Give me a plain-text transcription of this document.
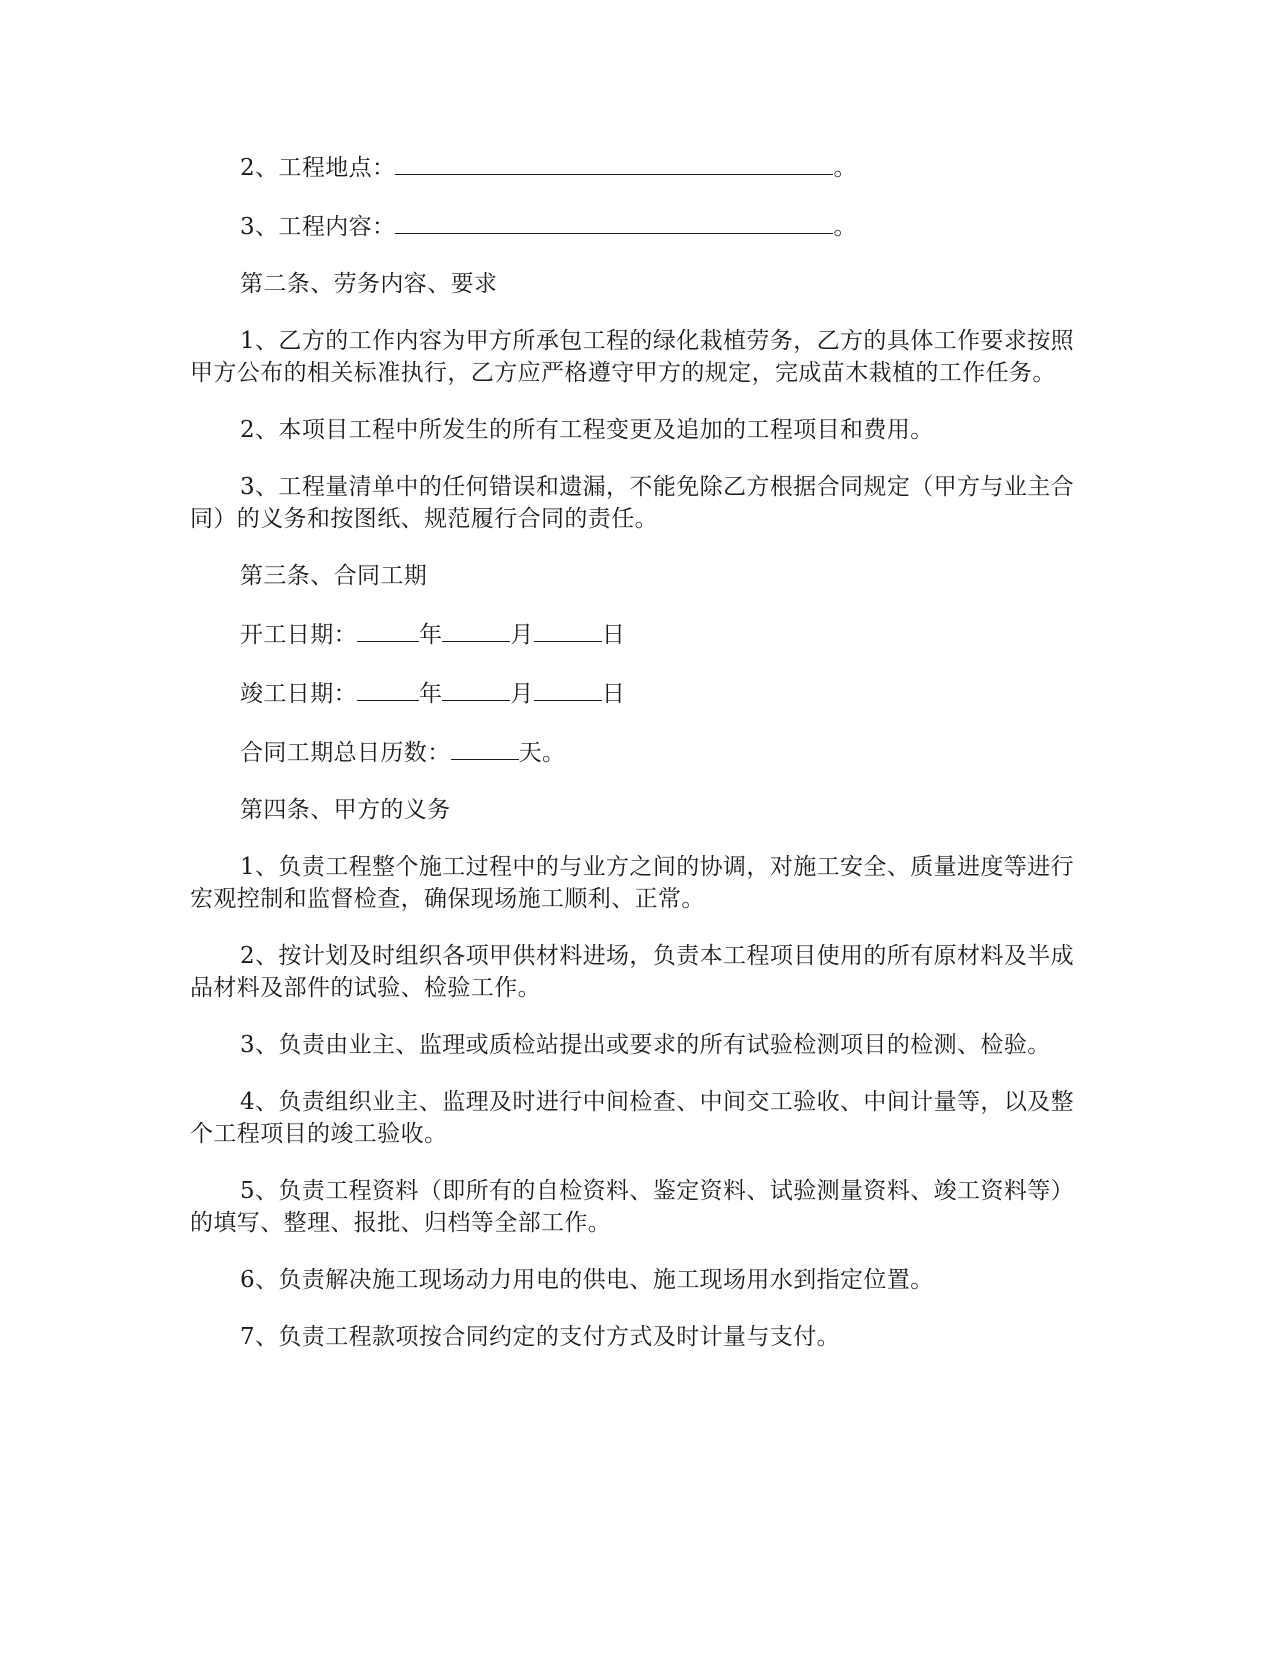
2、工程地点：	。

3、工程内容：	。

第二条、劳务内容、要求

1、乙方的工作内容为甲方所承包工程的绿化栽植劳务，乙方的具体工作要求按照甲方公布的相关标准执行，乙方应严格遵守甲方的规定，完成苗木栽植的工作任务。

2、本项目工程中所发生的所有工程变更及追加的工程项目和费用。

3、工程量清单中的任何错误和遗漏，不能免除乙方根据合同规定（甲方与业主合同）的义务和按图纸、规范履行合同的责任。

第三条、合同工期

开工日期：	年	月	日

竣工日期：	年	月	日

合同工期总日历数：	天。

第四条、甲方的义务

1、负责工程整个施工过程中的与业方之间的协调，对施工安全、质量进度等进行宏观控制和监督检查，确保现场施工顺利、正常。

2、按计划及时组织各项甲供材料进场，负责本工程项目使用的所有原材料及半成品材料及部件的试验、检验工作。

3、负责由业主、监理或质检站提出或要求的所有试验检测项目的检测、检验。

4、负责组织业主、监理及时进行中间检查、中间交工验收、中间计量等，以及整个工程项目的竣工验收。

5、负责工程资料（即所有的自检资料、鉴定资料、试验测量资料、竣工资料等）的填写、整理、报批、归档等全部工作。

6、负责解决施工现场动力用电的供电、施工现场用水到指定位置。

7、负责工程款项按合同约定的支付方式及时计量与支付。
